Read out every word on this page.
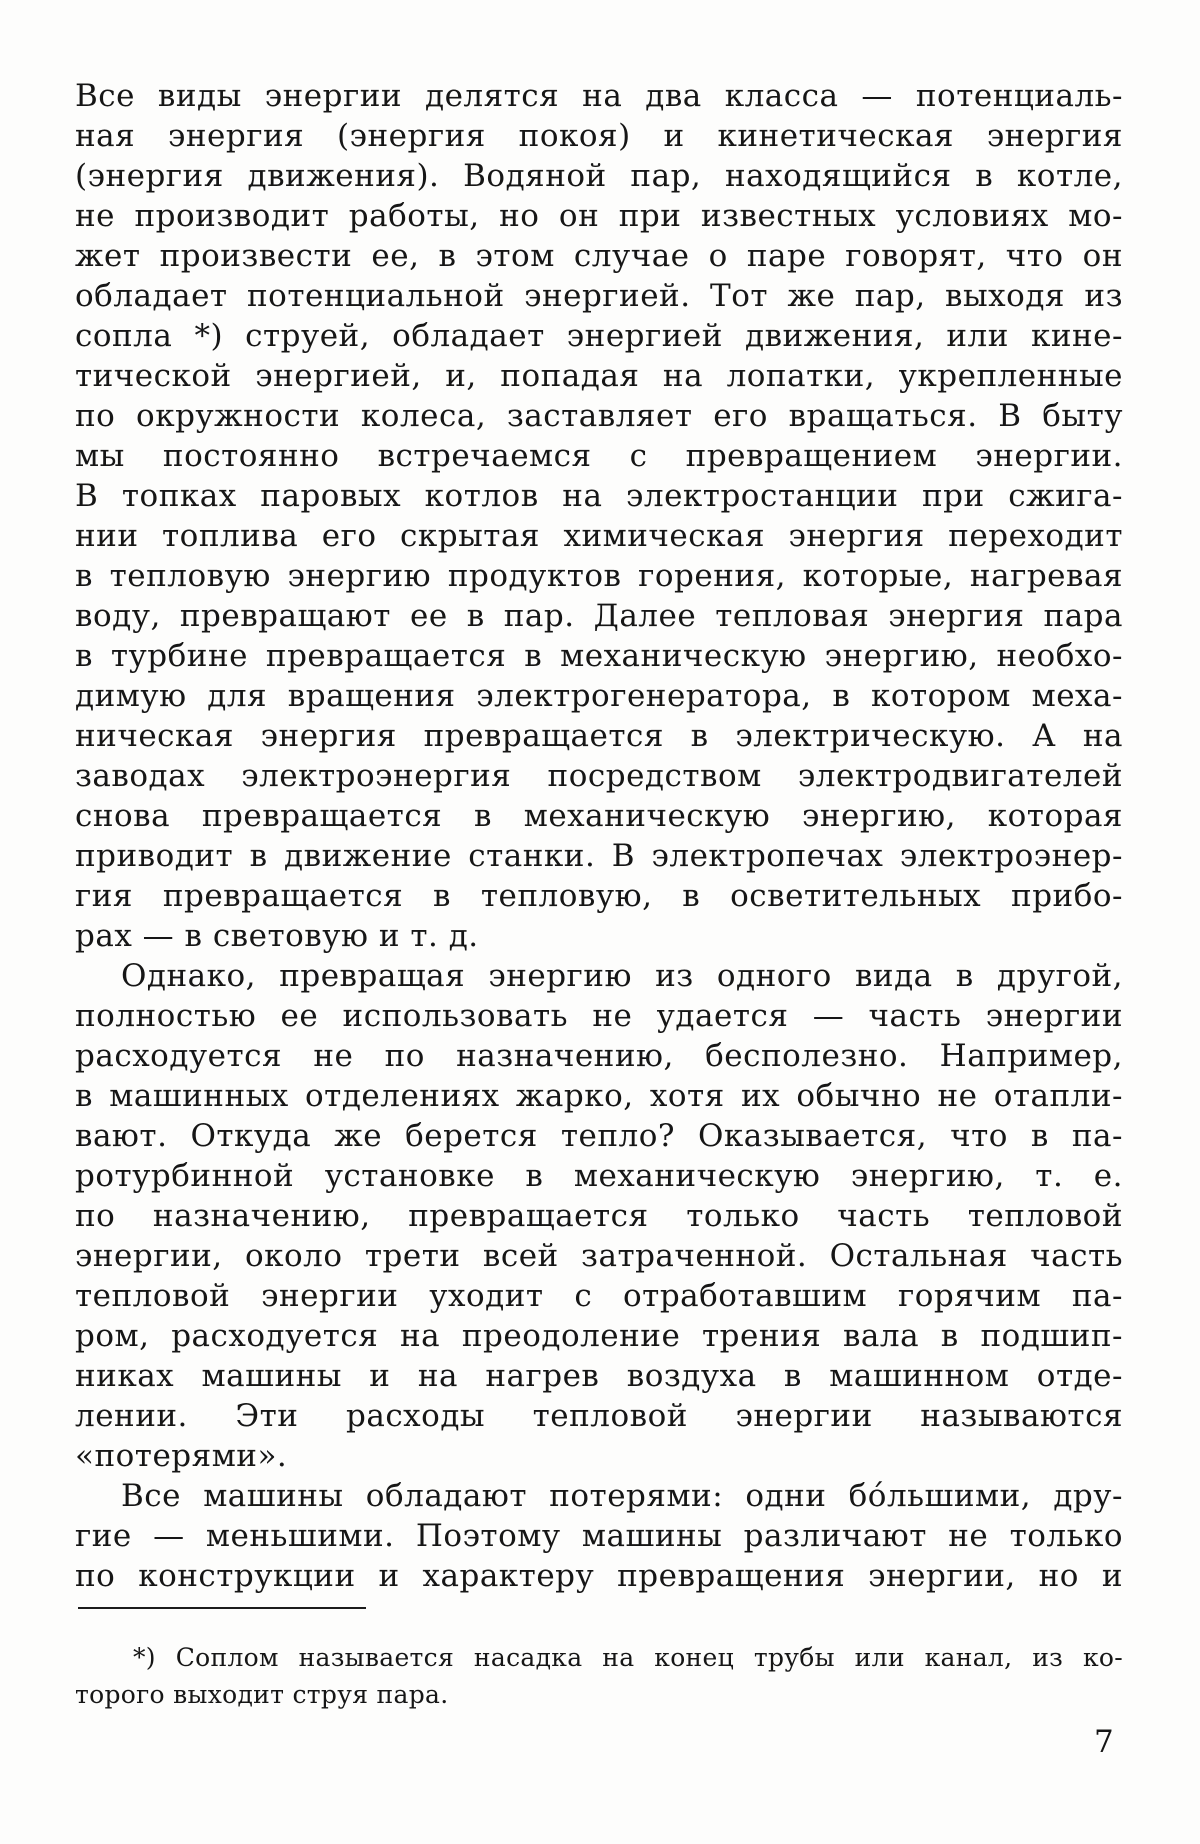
Все виды энергии делятся на два класса — потенциаль-
ная энергия (энергия покоя) и кинетическая энергия
(энергия движения). Водяной пар, находящийся в котле,
не производит работы, но он при известных условиях мо-
жет произвести ее, в этом случае о паре говорят, что он
обладает потенциальной энергией. Тот же пар, выходя из
сопла *) струей, обладает энергией движения, или кине-
тической энергией, и, попадая на лопатки, укрепленные
по окружности колеса, заставляет его вращаться. В быту
мы постоянно встречаемся с превращением энергии.
В топках паровых котлов на электростанции при сжига-
нии топлива его скрытая химическая энергия переходит
в тепловую энергию продуктов горения, которые, нагревая
воду, превращают ее в пар. Далее тепловая энергия пара
в турбине превращается в механическую энергию, необхо-
димую для вращения электрогенератора, в котором меха-
ническая энергия превращается в электрическую. А на
заводах электроэнергия посредством электродвигателей
снова превращается в механическую энергию, которая
приводит в движение станки. В электропечах электроэнер-
гия превращается в тепловую, в осветительных прибо-
рах — в световую и т. д.
Однако, превращая энергию из одного вида в другой,
полностью ее использовать не удается — часть энергии
расходуется не по назначению, бесполезно. Например,
в машинных отделениях жарко, хотя их обычно не отапли-
вают. Откуда же берется тепло? Оказывается, что в па-
ротурбинной установке в механическую энергию, т. е.
по назначению, превращается только часть тепловой
энергии, около трети всей затраченной. Остальная часть
тепловой энергии уходит с отработавшим горячим па-
ром, расходуется на преодоление трения вала в подшип-
никах машины и на нагрев воздуха в машинном отде-
лении. Эти расходы тепловой энергии называются
«потерями».
Все машины обладают потерями: одни бо́льшими, дру-
гие — меньшими. Поэтому машины различают не только
по конструкции и характеру превращения энергии, но и
*) Соплом называется насадка на конец трубы или канал, из ко-
торого выходит струя пара.
7
